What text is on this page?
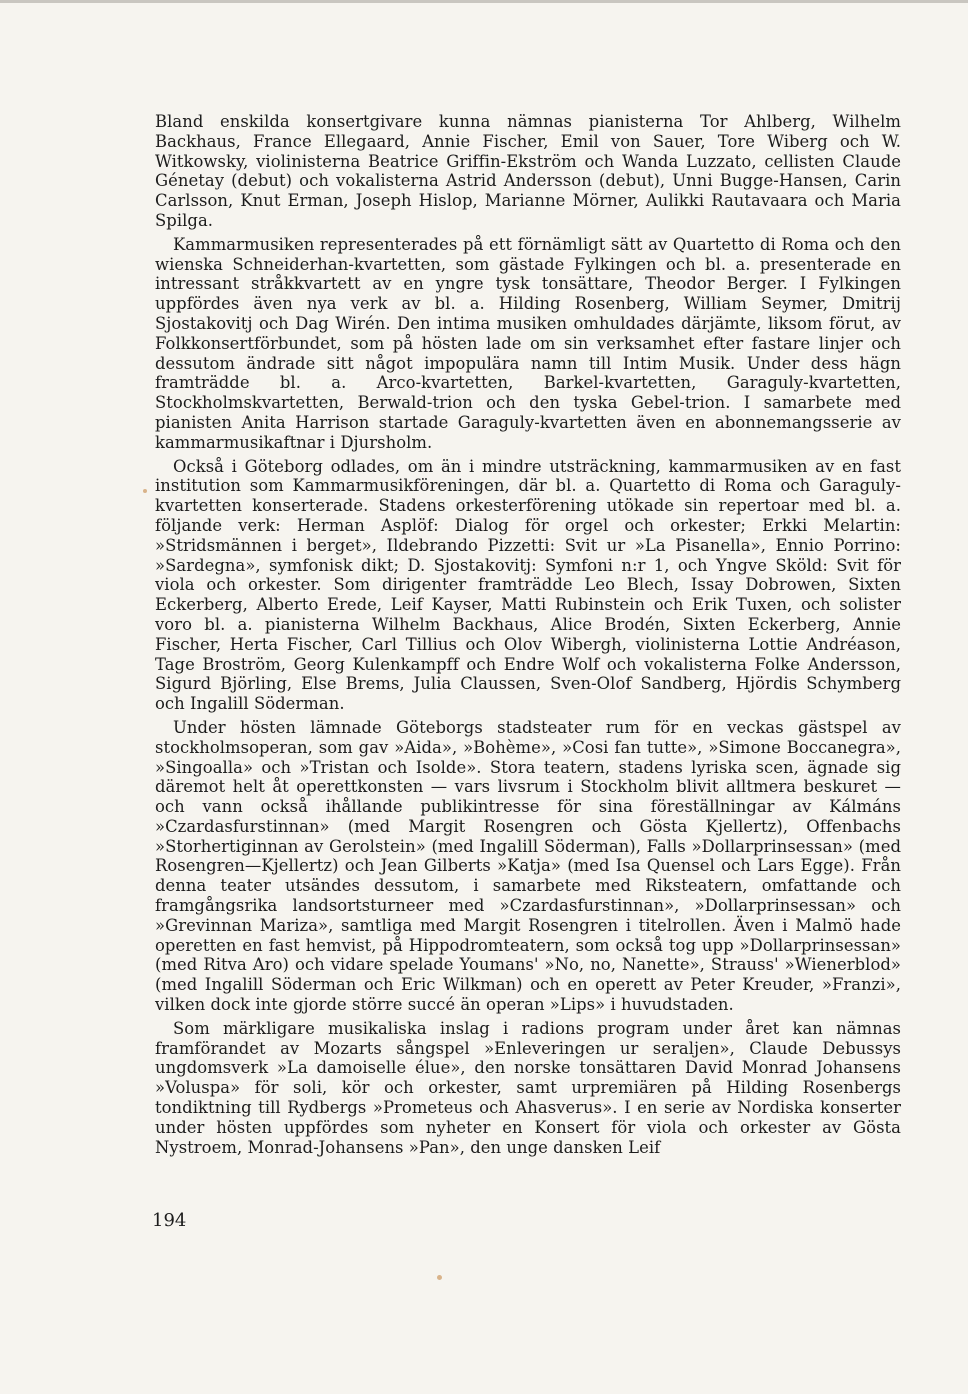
Bland enskilda konsertgivare kunna nämnas pianisterna Tor Ahlberg, Wilhelm Backhaus, France Ellegaard, Annie Fischer, Emil von Sauer, Tore Wiberg och W. Witkowsky, violinisterna Beatrice Griffin-Ekström och Wanda Luzzato, cellisten Claude Génetay (debut) och vokalisterna Astrid Andersson (debut), Unni Bugge-Hansen, Carin Carlsson, Knut Erman, Joseph Hislop, Marianne Mörner, Aulikki Rautavaara och Maria Spilga.

Kammarmusiken representerades på ett förnämligt sätt av Quartetto di Roma och den wienska Schneiderhan-kvartetten, som gästade Fylkingen och bl. a. presenterade en intressant stråkkvartett av en yngre tysk tonsättare, Theodor Berger. I Fylkingen uppfördes även nya verk av bl. a. Hilding Rosenberg, William Seymer, Dmitrij Sjostakovitj och Dag Wirén. Den intima musiken omhuldades därjämte, liksom förut, av Folkkonsertförbundet, som på hösten lade om sin verksamhet efter fastare linjer och dessutom ändrade sitt något impopulära namn till Intim Musik. Under dess hägn framträdde bl. a. Arco-kvartetten, Barkel-kvartetten, Garaguly-kvartetten, Stockholmskvartetten, Berwald-trion och den tyska Gebel-trion. I samarbete med pianisten Anita Harrison startade Garaguly-kvartetten även en abonnemangsserie av kammarmusikaftnar i Djursholm.

Också i Göteborg odlades, om än i mindre utsträckning, kammarmusiken av en fast institution som Kammarmusikföreningen, där bl. a. Quartetto di Roma och Garaguly-kvartetten konserterade. Stadens orkesterförening utökade sin repertoar med bl. a. följande verk: Herman Asplöf: Dialog för orgel och orkester; Erkki Melartin: »Stridsmännen i berget», Ildebrando Pizzetti: Svit ur »La Pisanella», Ennio Porrino: »Sardegna», symfonisk dikt; D. Sjostakovitj: Symfoni n:r 1, och Yngve Sköld: Svit för viola och orkester. Som dirigenter framträdde Leo Blech, Issay Dobrowen, Sixten Eckerberg, Alberto Erede, Leif Kayser, Matti Rubinstein och Erik Tuxen, och solister voro bl. a. pianisterna Wilhelm Backhaus, Alice Brodén, Sixten Eckerberg, Annie Fischer, Herta Fischer, Carl Tillius och Olov Wibergh, violinisterna Lottie Andréason, Tage Broström, Georg Kulenkampff och Endre Wolf och vokalisterna Folke Andersson, Sigurd Björling, Else Brems, Julia Claussen, Sven-Olof Sandberg, Hjördis Schymberg och Ingalill Söderman.

Under hösten lämnade Göteborgs stadsteater rum för en veckas gästspel av stockholmsoperan, som gav »Aida», »Bohème», »Cosi fan tutte», »Simone Boccanegra», »Singoalla» och »Tristan och Isolde». Stora teatern, stadens lyriska scen, ägnade sig däremot helt åt operettkonsten — vars livsrum i Stockholm blivit alltmera beskuret — och vann också ihållande publikintresse för sina föreställningar av Kálmáns »Czardasfurstinnan» (med Margit Rosengren och Gösta Kjellertz), Offenbachs »Storhertiginnan av Gerolstein» (med Ingalill Söderman), Falls »Dollarprinsessan» (med Rosengren—Kjellertz) och Jean Gilberts »Katja» (med Isa Quensel och Lars Egge). Från denna teater utsändes dessutom, i samarbete med Riksteatern, omfattande och framgångsrika landsortsturneer med »Czardasfurstinnan», »Dollarprinsessan» och »Grevinnan Mariza», samtliga med Margit Rosengren i titelrollen. Även i Malmö hade operetten en fast hemvist, på Hippodromteatern, som också tog upp »Dollarprinsessan» (med Ritva Aro) och vidare spelade Youmans' »No, no, Nanette», Strauss' »Wienerblod» (med Ingalill Söderman och Eric Wilkman) och en operett av Peter Kreuder, »Franzi», vilken dock inte gjorde större succé än operan »Lips» i huvudstaden.

Som märkligare musikaliska inslag i radions program under året kan nämnas framförandet av Mozarts sångspel »Enleveringen ur seraljen», Claude Debussys ungdomsverk »La damoiselle élue», den norske tonsättaren David Monrad Johansens »Voluspa» för soli, kör och orkester, samt urpremiären på Hilding Rosenbergs tondiktning till Rydbergs »Prometeus och Ahasverus». I en serie av Nordiska konserter under hösten uppfördes som nyheter en Konsert för viola och orkester av Gösta Nystroem, Monrad-Johansens »Pan», den unge dansken Leif

194
